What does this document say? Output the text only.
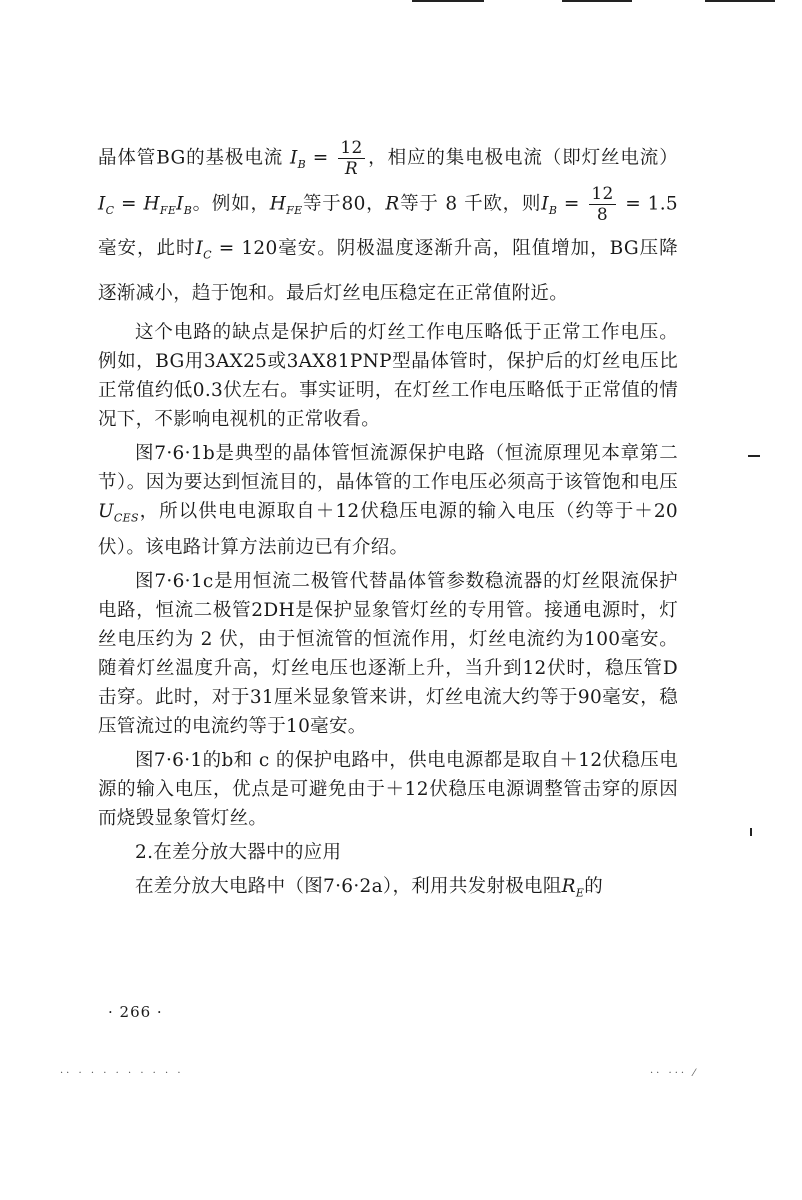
晶体管BG的基极电流 $I_B = \frac{12}{R}$ ，相应的集电极电流（即灯丝电流） $I_C = H_{FE}I_B$。例如，$H_{FE}$等于80，R等于 8 千欧，则$I_B = \frac{12}{8} = 1.5$毫安，此时$I_C = 120$毫安。阴极温度逐渐升高，阻值增加，BG压降逐渐减小，趋于饱和。最后灯丝电压稳定在正常值附近。

这个电路的缺点是保护后的灯丝工作电压略低于正常工作电压。例如，BG用3AX25或3AX81PNP型晶体管时，保护后的灯丝电压比正常值约低0.3伏左右。事实证明，在灯丝工作电压略低于正常值的情况下，不影响电视机的正常收看。

图7·6·1b是典型的晶体管恒流源保护电路（恒流原理见本章第二节）。因为要达到恒流目的，晶体管的工作电压必须高于该管饱和电压$U_{CES}$，所以供电电源取自＋12伏稳压电源的输入电压（约等于＋20伏）。该电路计算方法前边已有介绍。

图7·6·1c是用恒流二极管代替晶体管参数稳流器的灯丝限流保护电路，恒流二极管2DH是保护显象管灯丝的专用管。接通电源时，灯丝电压约为 2 伏，由于恒流管的恒流作用，灯丝电流约为100毫安。随着灯丝温度升高，灯丝电压也逐渐上升，当升到12伏时，稳压管D击穿。此时，对于31厘米显象管来讲，灯丝电流大约等于90毫安，稳压管流过的电流约等于10毫安。

图7·6·1的b和 c 的保护电路中，供电电源都是取自＋12伏稳压电源的输入电压，优点是可避免由于＋12伏稳压电源调整管击穿的原因而烧毁显象管灯丝。

2.在差分放大器中的应用

在差分放大电路中（图7·6·2a），利用共发射极电阻$R_E$的

· 266 ·
·· · · · · · · · · ·	·· ··· ⁄
